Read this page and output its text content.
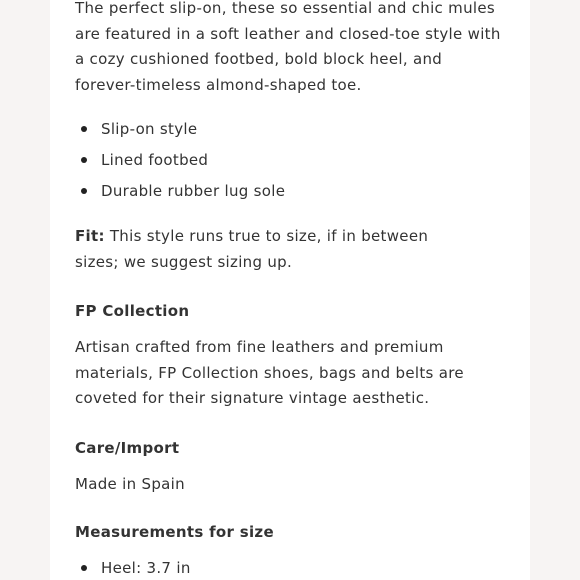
The perfect slip-on, these so essential and chic mules are featured in a soft leather and closed-toe style with a cozy cushioned footbed, bold block heel, and forever-timeless almond-shaped toe.

Slip-on style
Lined footbed
Durable rubber lug sole

Fit: This style runs true to size, if in between sizes; we suggest sizing up.

FP Collection

Artisan crafted from fine leathers and premium materials, FP Collection shoes, bags and belts are coveted for their signature vintage aesthetic.

Care/Import

Made in Spain

Measurements for size

Heel: 3.7 in
